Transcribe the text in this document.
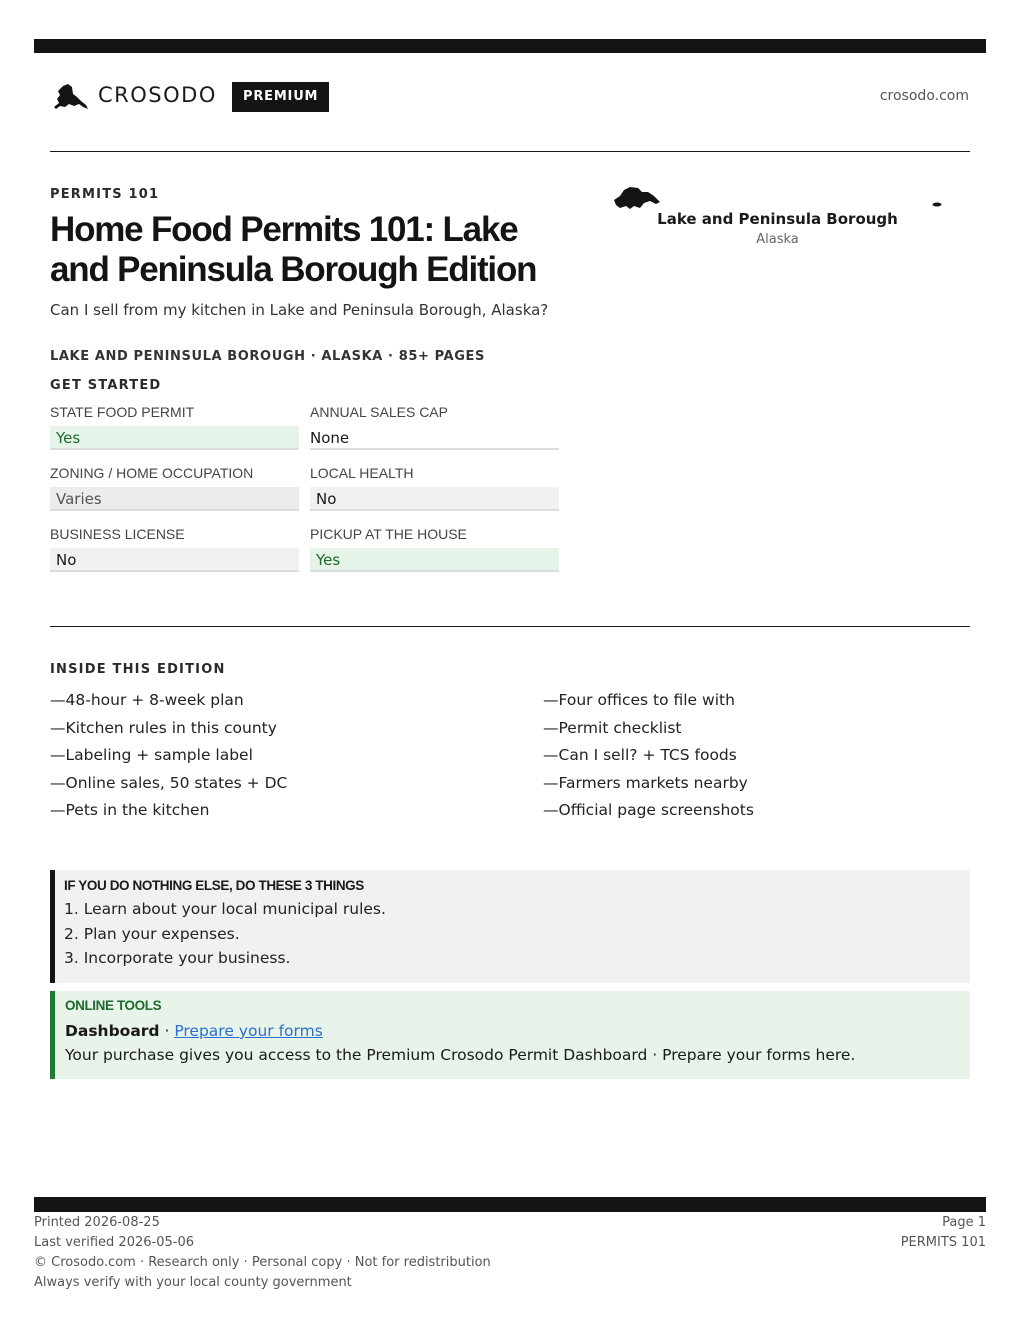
CROSODO	PREMIUM	crosodo.com
PERMITS 101
Home Food Permits 101: Lake and Peninsula Borough Edition

Can I sell from my kitchen in Lake and Peninsula Borough, Alaska?

LAKE AND PENINSULA BOROUGH · ALASKA · 85+ PAGES
GET STARTED
STATE FOOD PERMIT
Yes
ANNUAL SALES CAP
None
ZONING / HOME OCCUPATION
Varies
LOCAL HEALTH
No
BUSINESS LICENSE
No
PICKUP AT THE HOUSE
Yes
Lake and Peninsula Borough
Alaska
INSIDE THIS EDITION
—48-hour + 8-week plan
—Kitchen rules in this county
—Labeling + sample label
—Online sales, 50 states + DC
—Pets in the kitchen
—Four offices to file with
—Permit checklist
—Can I sell? + TCS foods
—Farmers markets nearby
—Official page screenshots
IF YOU DO NOTHING ELSE, DO THESE 3 THINGS
1. Learn about your local municipal rules.
2. Plan your expenses.
3. Incorporate your business.
ONLINE TOOLS
Dashboard · Prepare your forms
Your purchase gives you access to the Premium Crosodo Permit Dashboard · Prepare your forms here.
Printed 2026-08-25
Last verified 2026-05-06
© Crosodo.com · Research only · Personal copy · Not for redistribution
Always verify with your local county government
Page 1
PERMITS 101
